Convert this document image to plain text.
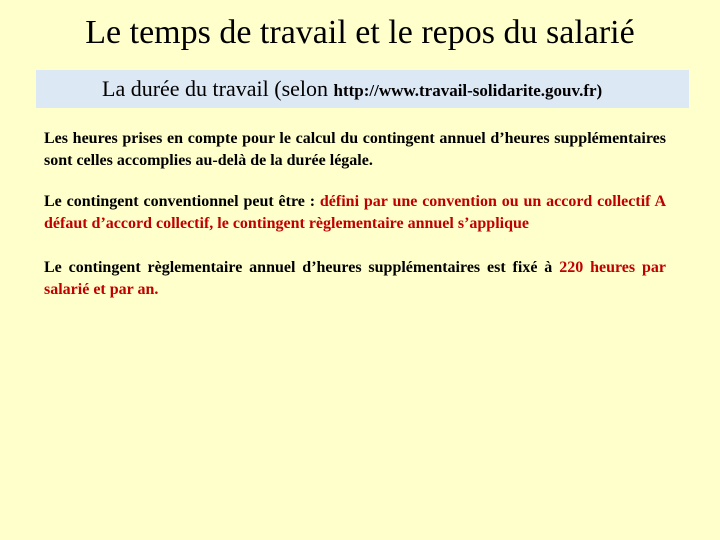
Le temps de travail et le repos du salarié
La durée du travail (selon http://www.travail-solidarite.gouv.fr)

Les heures prises en compte pour le calcul du contingent annuel d’heures supplémentaires sont celles accomplies au-delà de la durée légale.

Le contingent conventionnel peut être : défini par une convention ou un accord collectif A défaut d’accord collectif, le contingent règlementaire annuel s’applique

Le contingent règlementaire annuel d’heures supplémentaires est fixé à 220 heures par salarié et par an.
